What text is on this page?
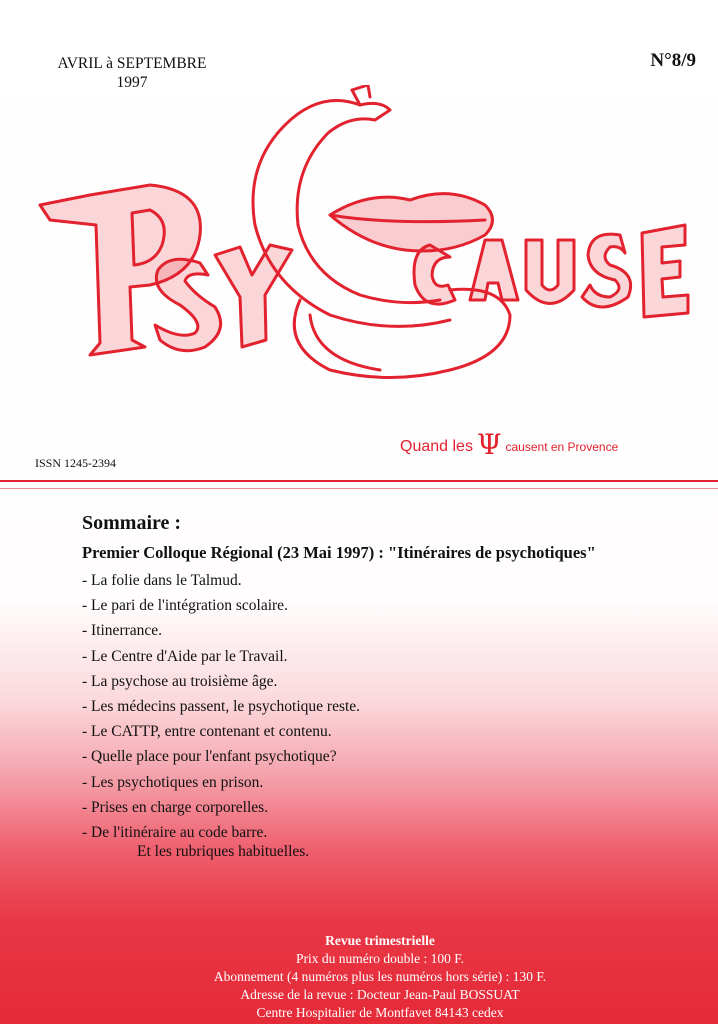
AVRIL à SEPTEMBRE
1997
N°8/9
Quand les Ψ causent en Provence
ISSN 1245-2394
Sommaire :
Premier Colloque Régional (23 Mai 1997) : "Itinéraires de psychotiques"
- La folie dans le Talmud.
- Le pari de l'intégration scolaire.
- Itinerrance.
- Le Centre d'Aide par le Travail.
- La psychose au troisième âge.
- Les médecins passent, le psychotique reste.
- Le CATTP, entre contenant et contenu.
- Quelle place pour l'enfant psychotique?
- Les psychotiques en prison.
- Prises en charge corporelles.
- De l'itinéraire au code barre.
Et les rubriques habituelles.
Revue trimestrielle
Prix du numéro double : 100 F.
Abonnement (4 numéros plus les numéros hors série) : 130 F.
Adresse de la revue : Docteur Jean-Paul BOSSUAT
Centre Hospitalier de Montfavet 84143 cedex
